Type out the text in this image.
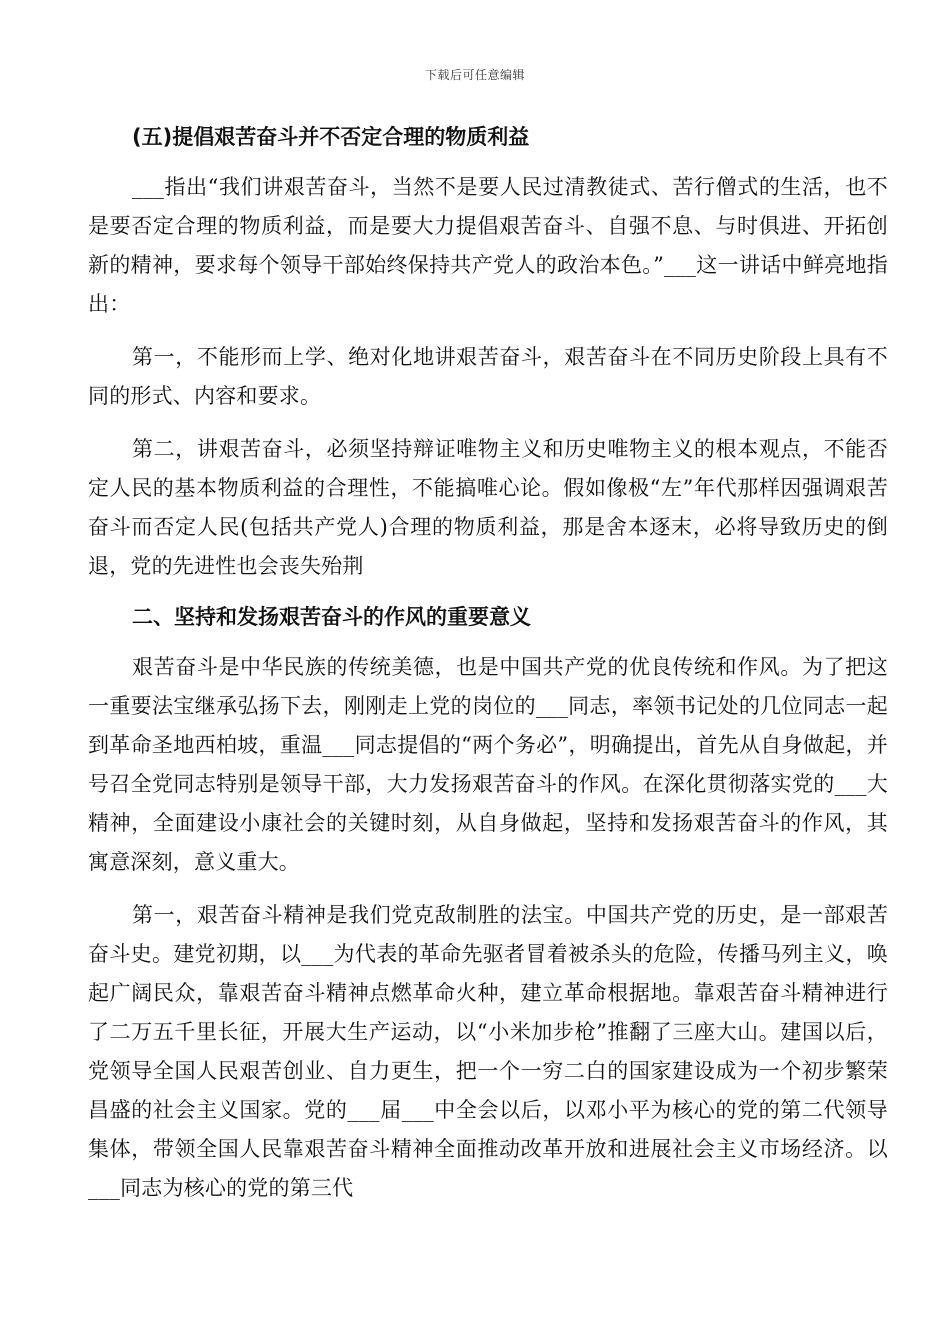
下载后可任意编辑
(五)提倡艰苦奋斗并不否定合理的物质利益

___指出“我们讲艰苦奋斗，当然不是要人民过清教徒式、苦行僧式的生活，也不是要否定合理的物质利益，而是要大力提倡艰苦奋斗、自强不息、与时俱进、开拓创新的精神，要求每个领导干部始终保持共产党人的政治本色。”___这一讲话中鲜亮地指出：

第一，不能形而上学、绝对化地讲艰苦奋斗，艰苦奋斗在不同历史阶段上具有不同的形式、内容和要求。

第二，讲艰苦奋斗，必须坚持辩证唯物主义和历史唯物主义的根本观点，不能否定人民的基本物质利益的合理性，不能搞唯心论。假如像极“左”年代那样因强调艰苦奋斗而否定人民(包括共产党人)合理的物质利益，那是舍本逐末，必将导致历史的倒退，党的先进性也会丧失殆荆

二、坚持和发扬艰苦奋斗的作风的重要意义

艰苦奋斗是中华民族的传统美德，也是中国共产党的优良传统和作风。为了把这一重要法宝继承弘扬下去，刚刚走上党的岗位的___同志，率领书记处的几位同志一起到革命圣地西柏坡，重温___同志提倡的“两个务必”，明确提出，首先从自身做起，并号召全党同志特别是领导干部，大力发扬艰苦奋斗的作风。在深化贯彻落实党的___大精神，全面建设小康社会的关键时刻，从自身做起，坚持和发扬艰苦奋斗的作风，其寓意深刻，意义重大。

第一，艰苦奋斗精神是我们党克敌制胜的法宝。中国共产党的历史，是一部艰苦奋斗史。建党初期，以___为代表的革命先驱者冒着被杀头的危险，传播马列主义，唤起广阔民众，靠艰苦奋斗精神点燃革命火种，建立革命根据地。靠艰苦奋斗精神进行了二万五千里长征，开展大生产运动，以“小米加步枪”推翻了三座大山。建国以后，党领导全国人民艰苦创业、自力更生，把一个一穷二白的国家建设成为一个初步繁荣昌盛的社会主义国家。党的___届___中全会以后，以邓小平为核心的党的第二代领导集体，带领全国人民靠艰苦奋斗精神全面推动改革开放和进展社会主义市场经济。以___同志为核心的党的第三代
